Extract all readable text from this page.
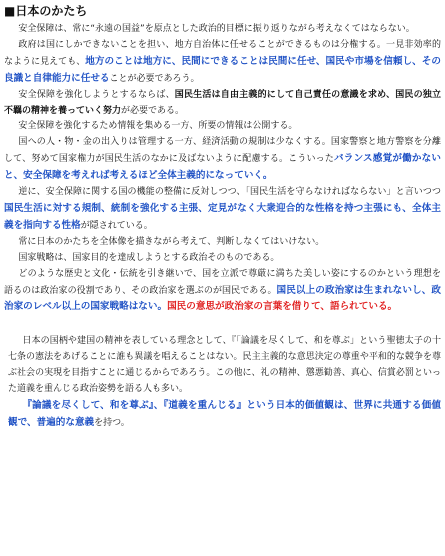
■日本のかたち

安全保障は、常に“永遠の国益”を原点とした政治的目標に振り返りながら考えなくてはならない。

政府は国にしかできないことを担い、地方自治体に任せることができるものは分権する。一見非効率的なように見えても、地方のことは地方に、民間にできることは民間に任せ、国民や市場を信頼し、その良識と自律能力に任せることが必要であろう。

安全保障を強化しようとするならば、国民生活は自由主義的にして自己責任の意識を求め、国民の独立不羈の精神を養っていく努力が必要である。

安全保障を強化するため情報を集める一方、所要の情報は公開する。

国への人・物・金の出入りは管理する一方、経済活動の規制は少なくする。国家警察と地方警察を分離して、努めて国家権力が国民生活のなかに及ばないように配慮する。こういったバランス感覚が働かないと、安全保障を考えれば考えるほど全体主義的になっていく。

逆に、安全保障に関する国の機能の整備に反対しつつ、「国民生活を守らなければならない」と言いつつ国民生活に対する規制、統制を強化する主張、定見がなく大衆迎合的な性格を持つ主張にも、全体主義を指向する性格が隠されている。

常に日本のかたちを全体像を描きながら考えて、判断しなくてはいけない。

国家戦略は、国家目的を達成しようとする政治そのものである。

どのような歴史と文化・伝統を引き継いで、国を立派で尊厳に満ちた美しい姿にするのかという理想を語るのは政治家の役割であり、その政治家を選ぶのが国民である。国民以上の政治家は生まれないし、政治家のレベル以上の国家戦略はない。国民の意思が政治家の言葉を借りて、語られている。

日本の国柄や建国の精神を表している理念として、『「論議を尽くして、和を尊ぶ」という聖徳太子の十七条の憲法をあげることに誰も異議を唱えることはない。民主主義的な意思決定の尊重や平和的な競争を尊ぶ社会の実現を目指すことに通じるからであろう。この他に、礼の精神、懲悪勧善、真心、信賞必罰といった道義を重んじる政治姿勢を語る人も多い。

『論議を尽くして、和を尊ぶ』、『道義を重んじる』という日本的価値観は、世界に共通する価値観で、普遍的な意義を持つ。
